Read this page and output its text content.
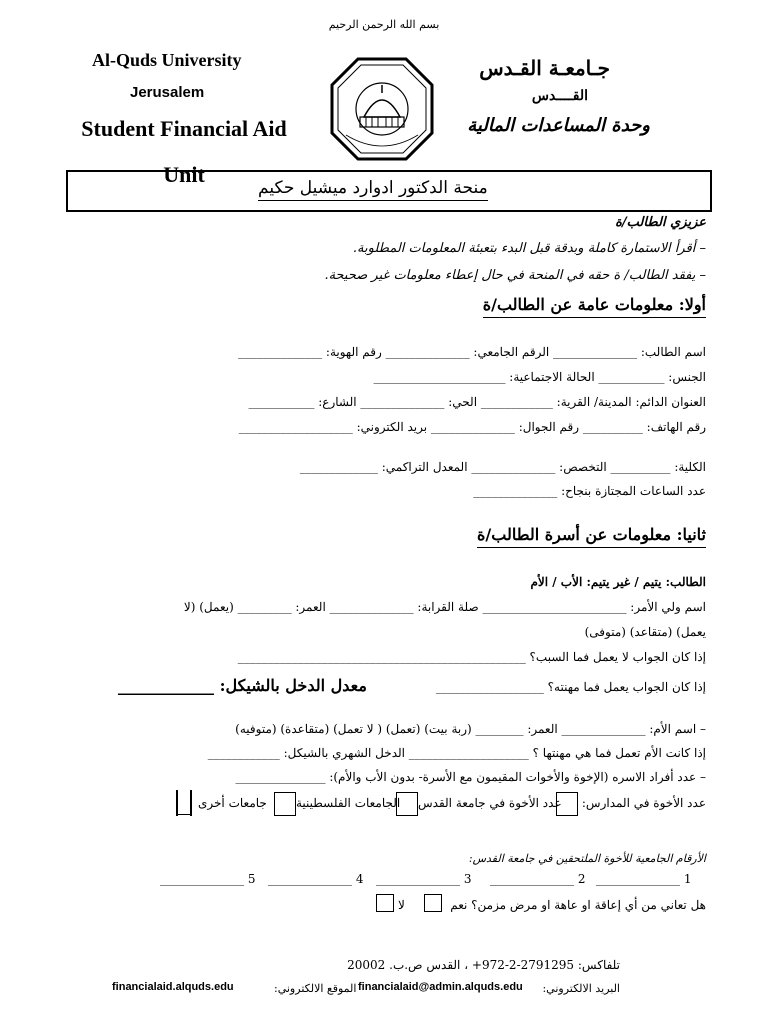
بسم الله الرحمن الرحيم
Al-Quds University
Jerusalem
Student Financial Aid Unit
جـامعـة القـدس
القــــدس
وحدة المساعدات المالية
منحة الدكتور ادوارد ميشيل حكيم
عزيزي الطالب/ة
– أقرأ الاستمارة كاملة وبدقة قبل البدء بتعبئة المعلومات المطلوبة.
– يفقد الطالب/ ة حقه في المنحة في حال إعطاء معلومات غير صحيحة.
أولا: معلومات عامة عن الطالب/ة
اسم الطالب: ______________ الرقم الجامعي: ______________ رقم الهوية: ______________
الجنس: ___________ الحالة الاجتماعية: ______________________
العنوان الدائم: المدينة/ القرية: ____________ الحي: ______________ الشارع: ___________
رقم الهاتف: __________ رقم الجوال: ______________ بريد الكتروني: ___________________
الكلية: __________ التخصص: ______________ المعدل التراكمي: _____________
عدد الساعات المجتازة بنجاح: ______________
ثانيا: معلومات عن أسرة الطالب/ة
الطالب: يتيم / غير يتيم: الأب / الأم
اسم ولي الأمر: ________________________ صلة القرابة: ______________ العمر: _________ (يعمل) (لا
يعمل) (متقاعد) (متوفى)
إذا كان الجواب لا يعمل فما السبب؟ ________________________________________________
إذا كان الجواب يعمل فما مهنته؟ __________________
معدل الدخل بالشيكل: ____________
– اسم الأم: ______________ العمر: ________ (ربة بيت) (تعمل) ( لا تعمل) (متقاعدة) (متوفيه)
إذا كانت الأم تعمل فما هي مهنتها ؟ ____________________ الدخل الشهري بالشيكل: ____________
– عدد أفراد الاسره (الإخوة والأخوات المقيمون مع الأسرة- بدون الأب والأم): _______________
عدد الأخوة في المدارس:
عدد الأخوة في جامعة القدس
الجامعات الفلسطينية
جامعات أخرى
الأرقام الجامعية للأخوة الملتحقين في جامعة القدس:
______________ 5 ______________ 4 ______________ 3 ______________ 2 ______________ 1
هل تعاني من أي إعاقة او عاهة او مرض مزمن؟ نعم
لا
تلفاكس: 2791295-2-972+ ، القدس ص.ب. 20002
البريد الالكتروني:
financialaid@admin.alquds.edu
الموقع الالكتروني:
financialaid.alquds.edu
